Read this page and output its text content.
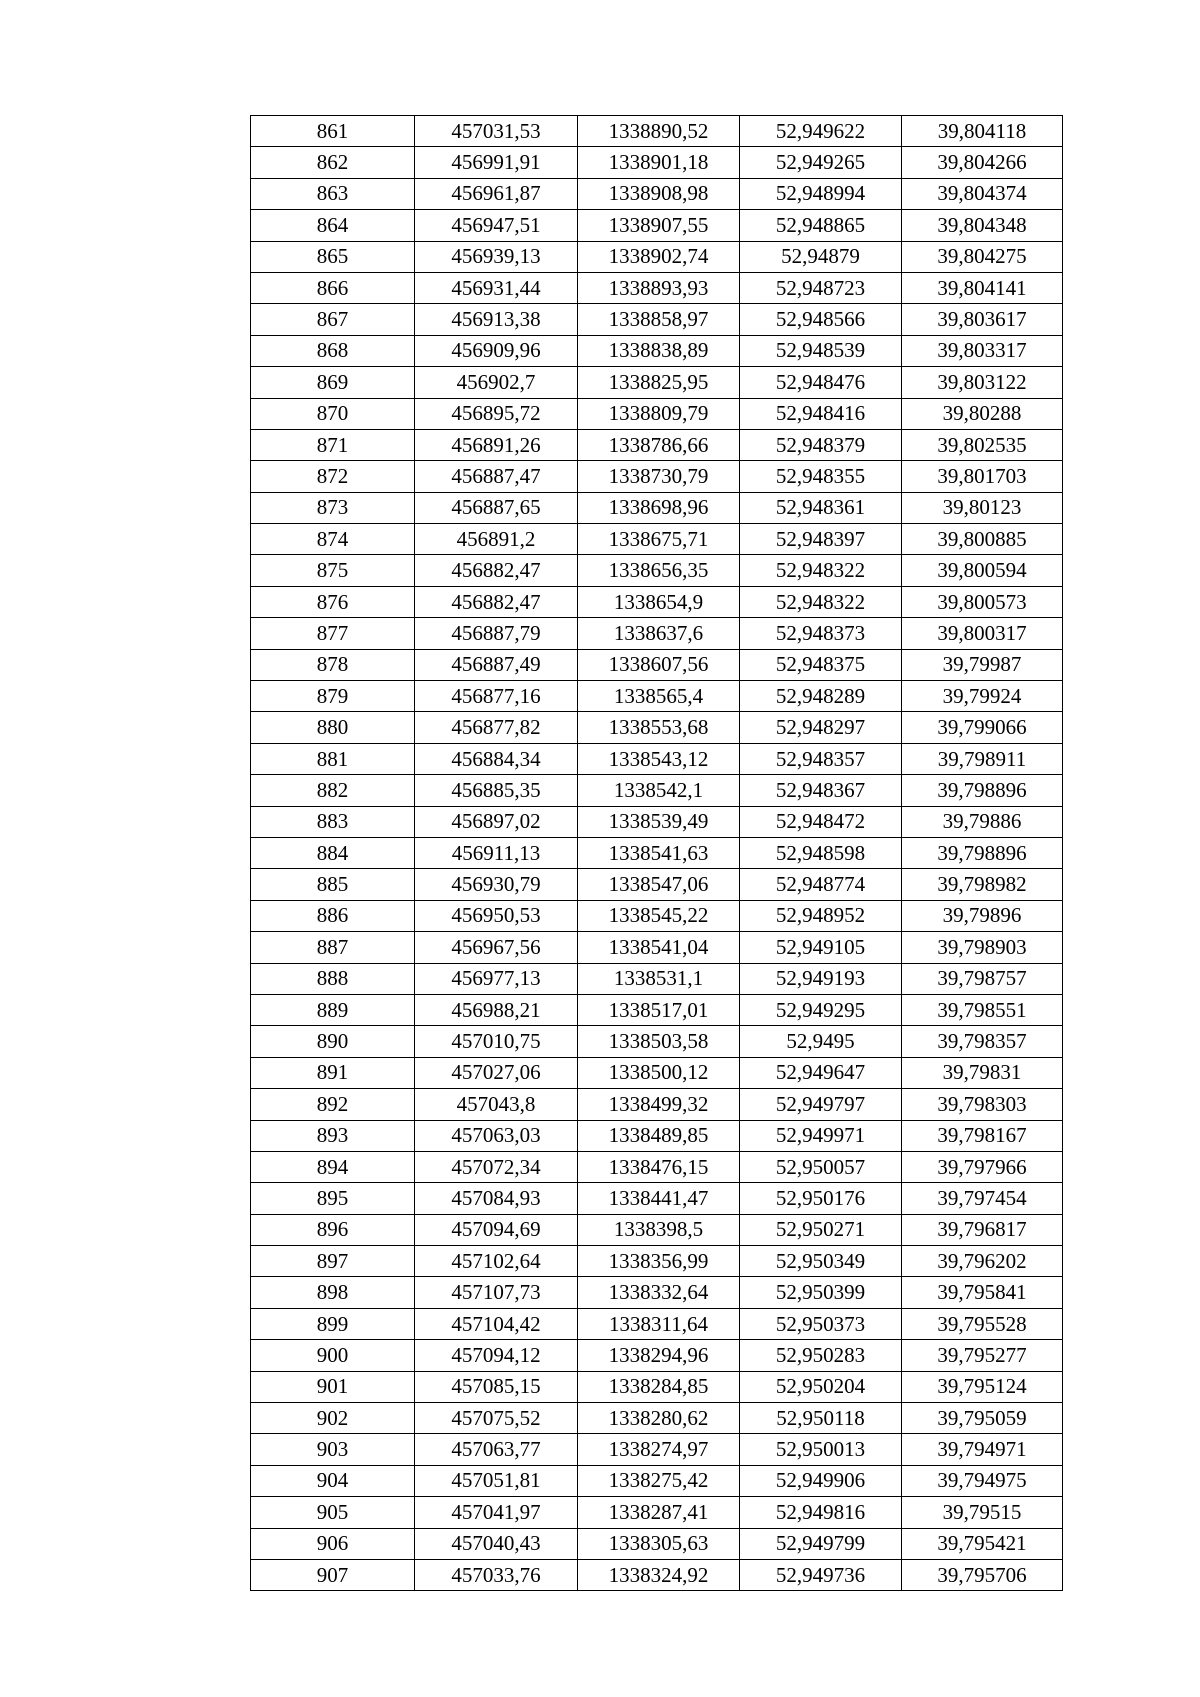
861	457031,53	1338890,52	52,949622	39,804118
862	456991,91	1338901,18	52,949265	39,804266
863	456961,87	1338908,98	52,948994	39,804374
864	456947,51	1338907,55	52,948865	39,804348
865	456939,13	1338902,74	52,94879	39,804275
866	456931,44	1338893,93	52,948723	39,804141
867	456913,38	1338858,97	52,948566	39,803617
868	456909,96	1338838,89	52,948539	39,803317
869	456902,7	1338825,95	52,948476	39,803122
870	456895,72	1338809,79	52,948416	39,80288
871	456891,26	1338786,66	52,948379	39,802535
872	456887,47	1338730,79	52,948355	39,801703
873	456887,65	1338698,96	52,948361	39,80123
874	456891,2	1338675,71	52,948397	39,800885
875	456882,47	1338656,35	52,948322	39,800594
876	456882,47	1338654,9	52,948322	39,800573
877	456887,79	1338637,6	52,948373	39,800317
878	456887,49	1338607,56	52,948375	39,79987
879	456877,16	1338565,4	52,948289	39,79924
880	456877,82	1338553,68	52,948297	39,799066
881	456884,34	1338543,12	52,948357	39,798911
882	456885,35	1338542,1	52,948367	39,798896
883	456897,02	1338539,49	52,948472	39,79886
884	456911,13	1338541,63	52,948598	39,798896
885	456930,79	1338547,06	52,948774	39,798982
886	456950,53	1338545,22	52,948952	39,79896
887	456967,56	1338541,04	52,949105	39,798903
888	456977,13	1338531,1	52,949193	39,798757
889	456988,21	1338517,01	52,949295	39,798551
890	457010,75	1338503,58	52,9495	39,798357
891	457027,06	1338500,12	52,949647	39,79831
892	457043,8	1338499,32	52,949797	39,798303
893	457063,03	1338489,85	52,949971	39,798167
894	457072,34	1338476,15	52,950057	39,797966
895	457084,93	1338441,47	52,950176	39,797454
896	457094,69	1338398,5	52,950271	39,796817
897	457102,64	1338356,99	52,950349	39,796202
898	457107,73	1338332,64	52,950399	39,795841
899	457104,42	1338311,64	52,950373	39,795528
900	457094,12	1338294,96	52,950283	39,795277
901	457085,15	1338284,85	52,950204	39,795124
902	457075,52	1338280,62	52,950118	39,795059
903	457063,77	1338274,97	52,950013	39,794971
904	457051,81	1338275,42	52,949906	39,794975
905	457041,97	1338287,41	52,949816	39,79515
906	457040,43	1338305,63	52,949799	39,795421
907	457033,76	1338324,92	52,949736	39,795706
